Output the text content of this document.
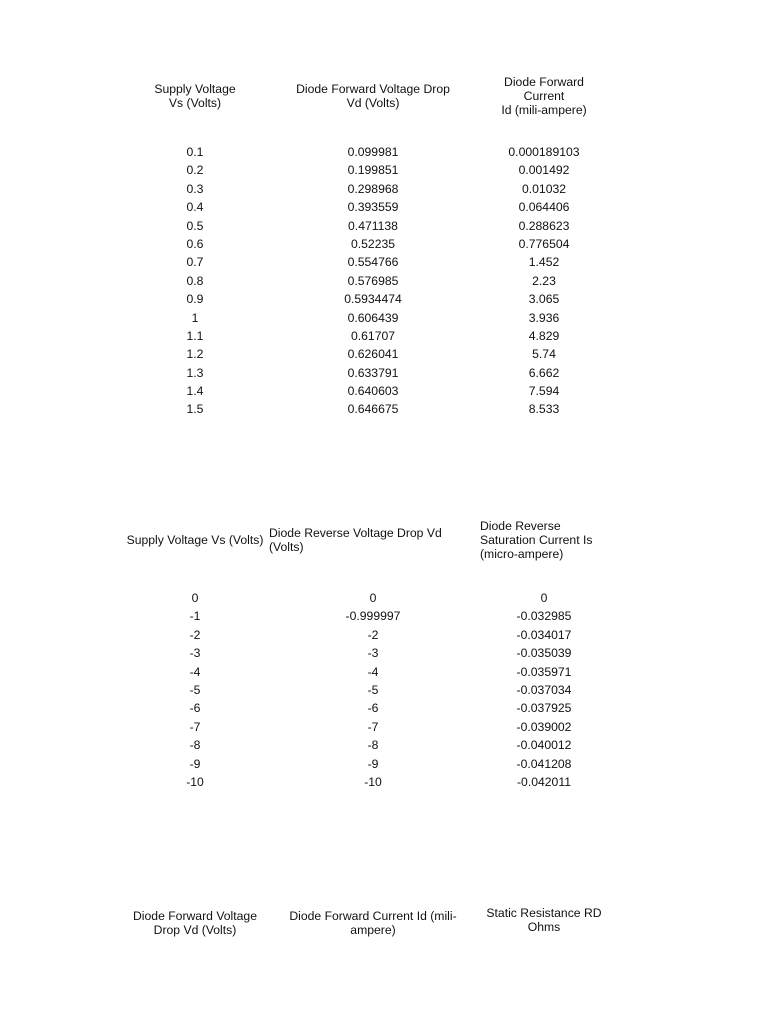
Supply Voltage
Vs (Volts)
Diode Forward Voltage Drop
Vd (Volts)
Diode Forward
Current
Id (mili-ampere)
0.1
0.2
0.3
0.4
0.5
0.6
0.7
0.8
0.9
1
1.1
1.2
1.3
1.4
1.5
0.099981
0.199851
0.298968
0.393559
0.471138
0.52235
0.554766
0.576985
0.5934474
0.606439
0.61707
0.626041
0.633791
0.640603
0.646675
0.000189103
0.001492
0.01032
0.064406
0.288623
0.776504
1.452
2.23
3.065
3.936
4.829
5.74
6.662
7.594
8.533
Supply Voltage Vs (Volts) Diode Reverse Voltage Drop Vd
(Volts)
Diode Reverse
Saturation Current Is
(micro-ampere)
0
-1
-2
-3
-4
-5
-6
-7
-8
-9
-10
0
-0.999997
-2
-3
-4
-5
-6
-7
-8
-9
-10
0
-0.032985
-0.034017
-0.035039
-0.035971
-0.037034
-0.037925
-0.039002
-0.040012
-0.041208
-0.042011
Diode Forward Voltage
Drop Vd (Volts)
Diode Forward Current Id (mili-
ampere)
Static Resistance RD
Ohms
